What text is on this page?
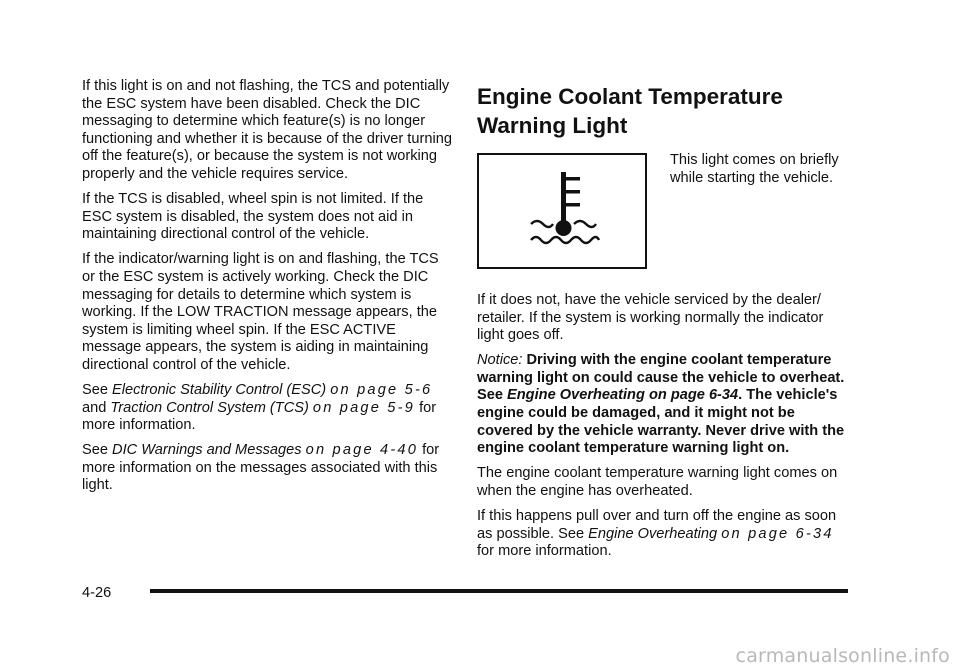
If this light is on and not flashing, the TCS and potentially the ESC system have been disabled. Check the DIC messaging to determine which feature(s) is no longer functioning and whether it is because of the driver turning off the feature(s), or because the system is not working properly and the vehicle requires service.

If the TCS is disabled, wheel spin is not limited. If the ESC system is disabled, the system does not aid in maintaining directional control of the vehicle.

If the indicator/warning light is on and flashing, the TCS or the ESC system is actively working. Check the DIC messaging for details to determine which system is working. If the LOW TRACTION message appears, the system is limiting wheel spin. If the ESC ACTIVE message appears, the system is aiding in maintaining directional control of the vehicle.

See Electronic Stability Control (ESC) on page 5-6 and Traction Control System (TCS) on page 5-9 for more information.

See DIC Warnings and Messages on page 4-40 for more information on the messages associated with this light.

Engine Coolant Temperature
Warning Light

This light comes on briefly while starting the vehicle.

If it does not, have the vehicle serviced by the dealer/ retailer. If the system is working normally the indicator light goes off.

Notice: Driving with the engine coolant temperature warning light on could cause the vehicle to overheat. See Engine Overheating on page 6-34. The vehicle's engine could be damaged, and it might not be covered by the vehicle warranty. Never drive with the engine coolant temperature warning light on.

The engine coolant temperature warning light comes on when the engine has overheated.

If this happens pull over and turn off the engine as soon as possible. See Engine Overheating on page 6-34 for more information.

4-26
carmanualsonline.info
